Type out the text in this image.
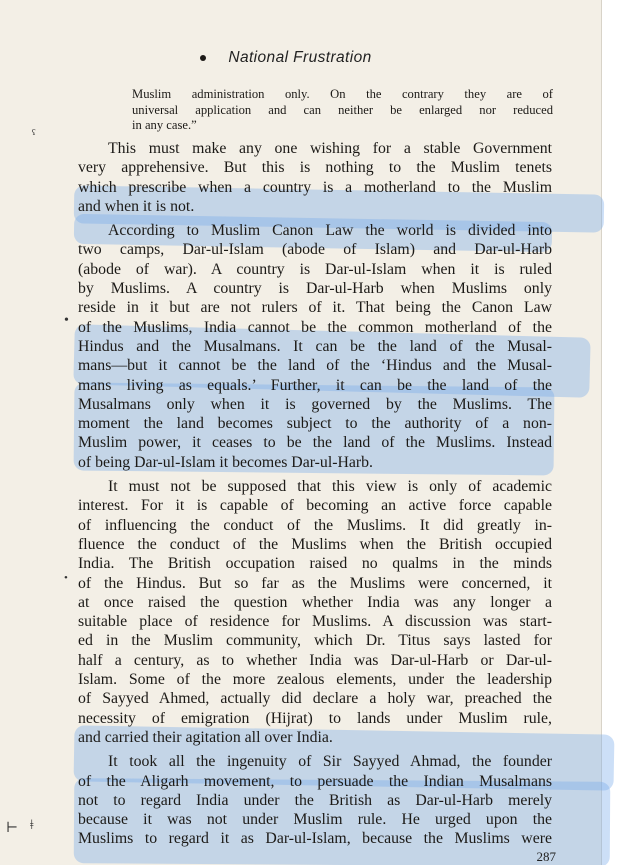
National Frustration
Muslim administration only. On the contrary they are of
universal application and can neither be enlarged nor reduced
in any case.”

This must make any one wishing for a stable Government
very apprehensive. But this is nothing to the Muslim tenets
which prescribe when a country is a motherland to the Muslim
and when it is not.

According to Muslim Canon Law the world is divided into
two camps, Dar-ul-Islam (abode of Islam) and Dar-ul-Harb
(abode of war). A country is Dar-ul-Islam when it is ruled
by Muslims. A country is Dar-ul-Harb when Muslims only
reside in it but are not rulers of it. That being the Canon Law
of the Muslims, India cannot be the common motherland of the
Hindus and the Musalmans. It can be the land of the Musal-
mans—but it cannot be the land of the ‘Hindus and the Musal-
mans living as equals.’ Further, it can be the land of the
Musalmans only when it is governed by the Muslims. The
moment the land becomes subject to the authority of a non-
Muslim power, it ceases to be the land of the Muslims. Instead
of being Dar-ul-Islam it becomes Dar-ul-Harb.

It must not be supposed that this view is only of academic
interest. For it is capable of becoming an active force capable
of influencing the conduct of the Muslims. It did greatly in-
fluence the conduct of the Muslims when the British occupied
India. The British occupation raised no qualms in the minds
of the Hindus. But so far as the Muslims were concerned, it
at once raised the question whether India was any longer a
suitable place of residence for Muslims. A discussion was start-
ed in the Muslim community, which Dr. Titus says lasted for
half a century, as to whether India was Dar-ul-Harb or Dar-ul-
Islam. Some of the more zealous elements, under the leadership
of Sayyed Ahmed, actually did declare a holy war, preached the
necessity of emigration (Hijrat) to lands under Muslim rule,
and carried their agitation all over India.

It took all the ingenuity of Sir Sayyed Ahmad, the founder
of the Aligarh movement, to persuade the Indian Musalmans
not to regard India under the British as Dar-ul-Harb merely
because it was not under Muslim rule. He urged upon the
Muslims to regard it as Dar-ul-Islam, because the Muslims were

287
ˤ
•
•
⊢ ǂ
